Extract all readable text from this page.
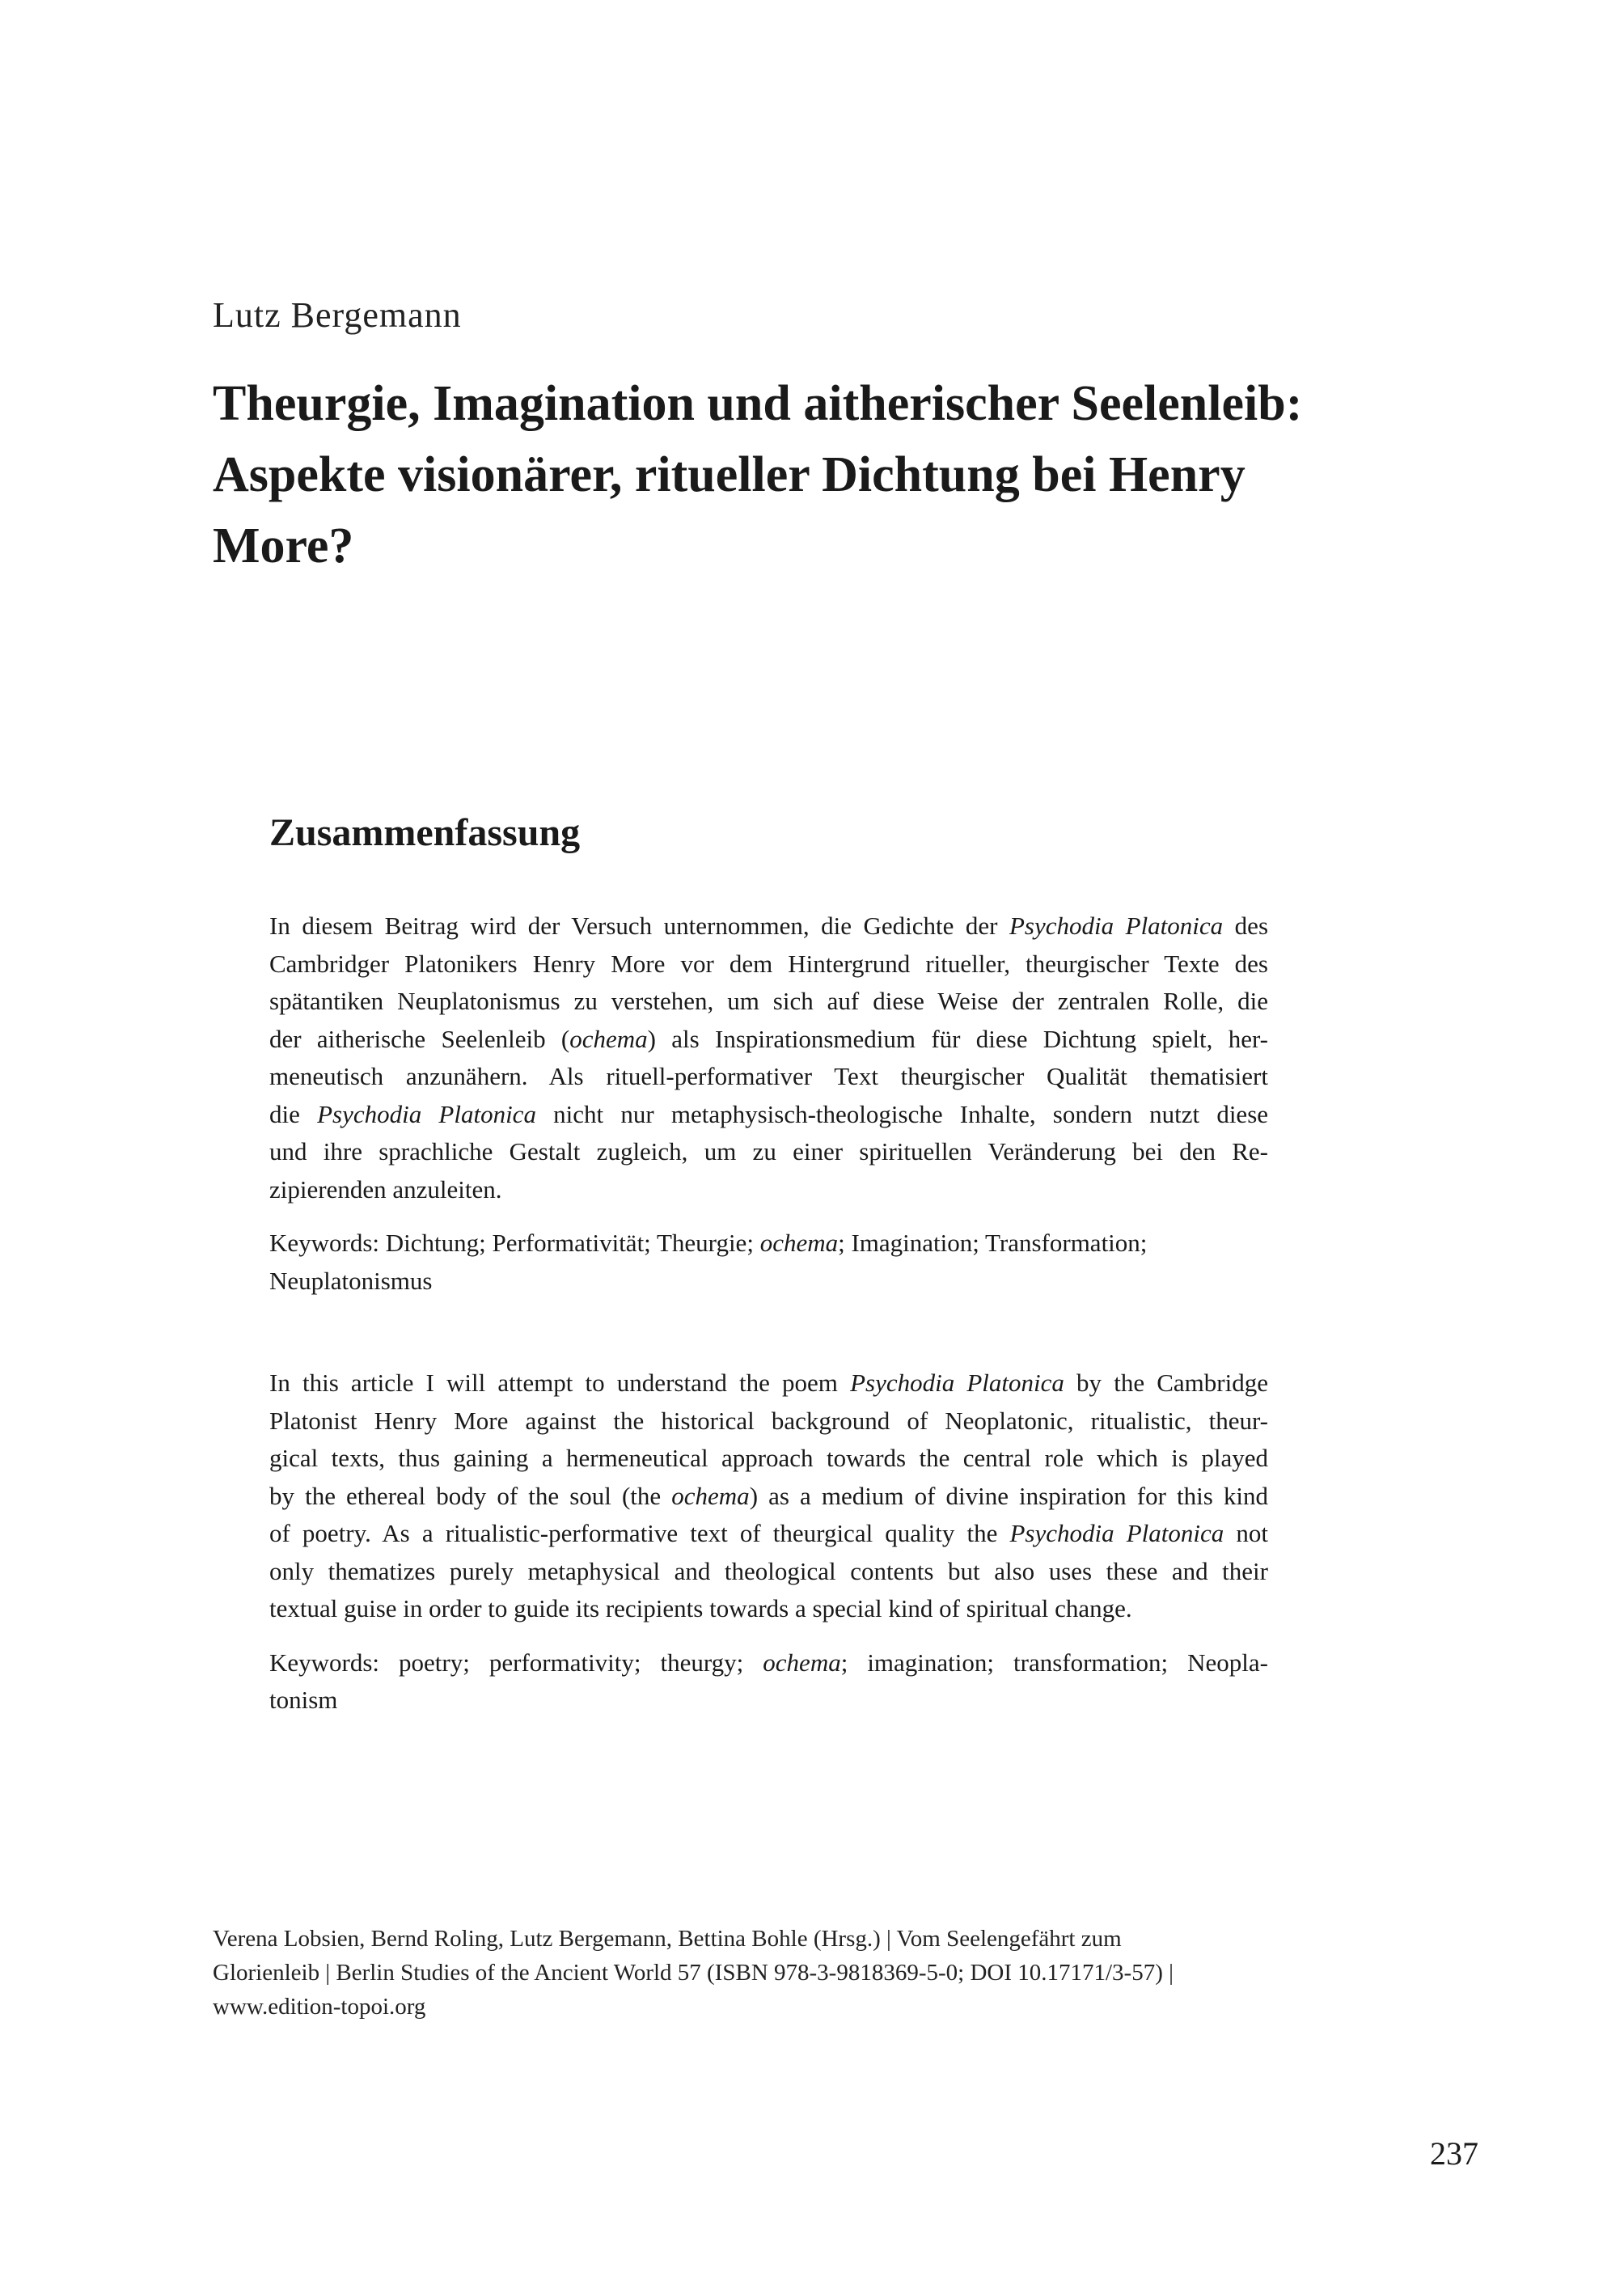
Lutz Bergemann
Theurgie, Imagination und aitherischer Seelenleib:
Aspekte visionärer, ritueller Dichtung bei Henry
More?
Zusammenfassung

In diesem Beitrag wird der Versuch unternommen, die Gedichte der Psychodia Platonica des
Cambridger Platonikers Henry More vor dem Hintergrund ritueller, theurgischer Texte des
spätantiken Neuplatonismus zu verstehen, um sich auf diese Weise der zentralen Rolle, die
der aitherische Seelenleib (ochema) als Inspirationsmedium für diese Dichtung spielt, her-
meneutisch anzunähern. Als rituell-performativer Text theurgischer Qualität thematisiert
die Psychodia Platonica nicht nur metaphysisch-theologische Inhalte, sondern nutzt diese
und ihre sprachliche Gestalt zugleich, um zu einer spirituellen Veränderung bei den Re-
zipierenden anzuleiten.

Keywords: Dichtung; Performativität; Theurgie; ochema; Imagination; Transformation;
Neuplatonismus

In this article I will attempt to understand the poem Psychodia Platonica by the Cambridge
Platonist Henry More against the historical background of Neoplatonic, ritualistic, theur-
gical texts, thus gaining a hermeneutical approach towards the central role which is played
by the ethereal body of the soul (the ochema) as a medium of divine inspiration for this kind
of poetry. As a ritualistic-performative text of theurgical quality the Psychodia Platonica not
only thematizes purely metaphysical and theological contents but also uses these and their
textual guise in order to guide its recipients towards a special kind of spiritual change.

Keywords: poetry; performativity; theurgy; ochema; imagination; transformation; Neopla-
tonism

Verena Lobsien, Bernd Roling, Lutz Bergemann, Bettina Bohle (Hrsg.) | Vom Seelengefährt zum
Glorienleib | Berlin Studies of the Ancient World 57 (ISBN 978-3-9818369-5-0; DOI 10.17171/3-57) |
www.edition-topoi.org
237
